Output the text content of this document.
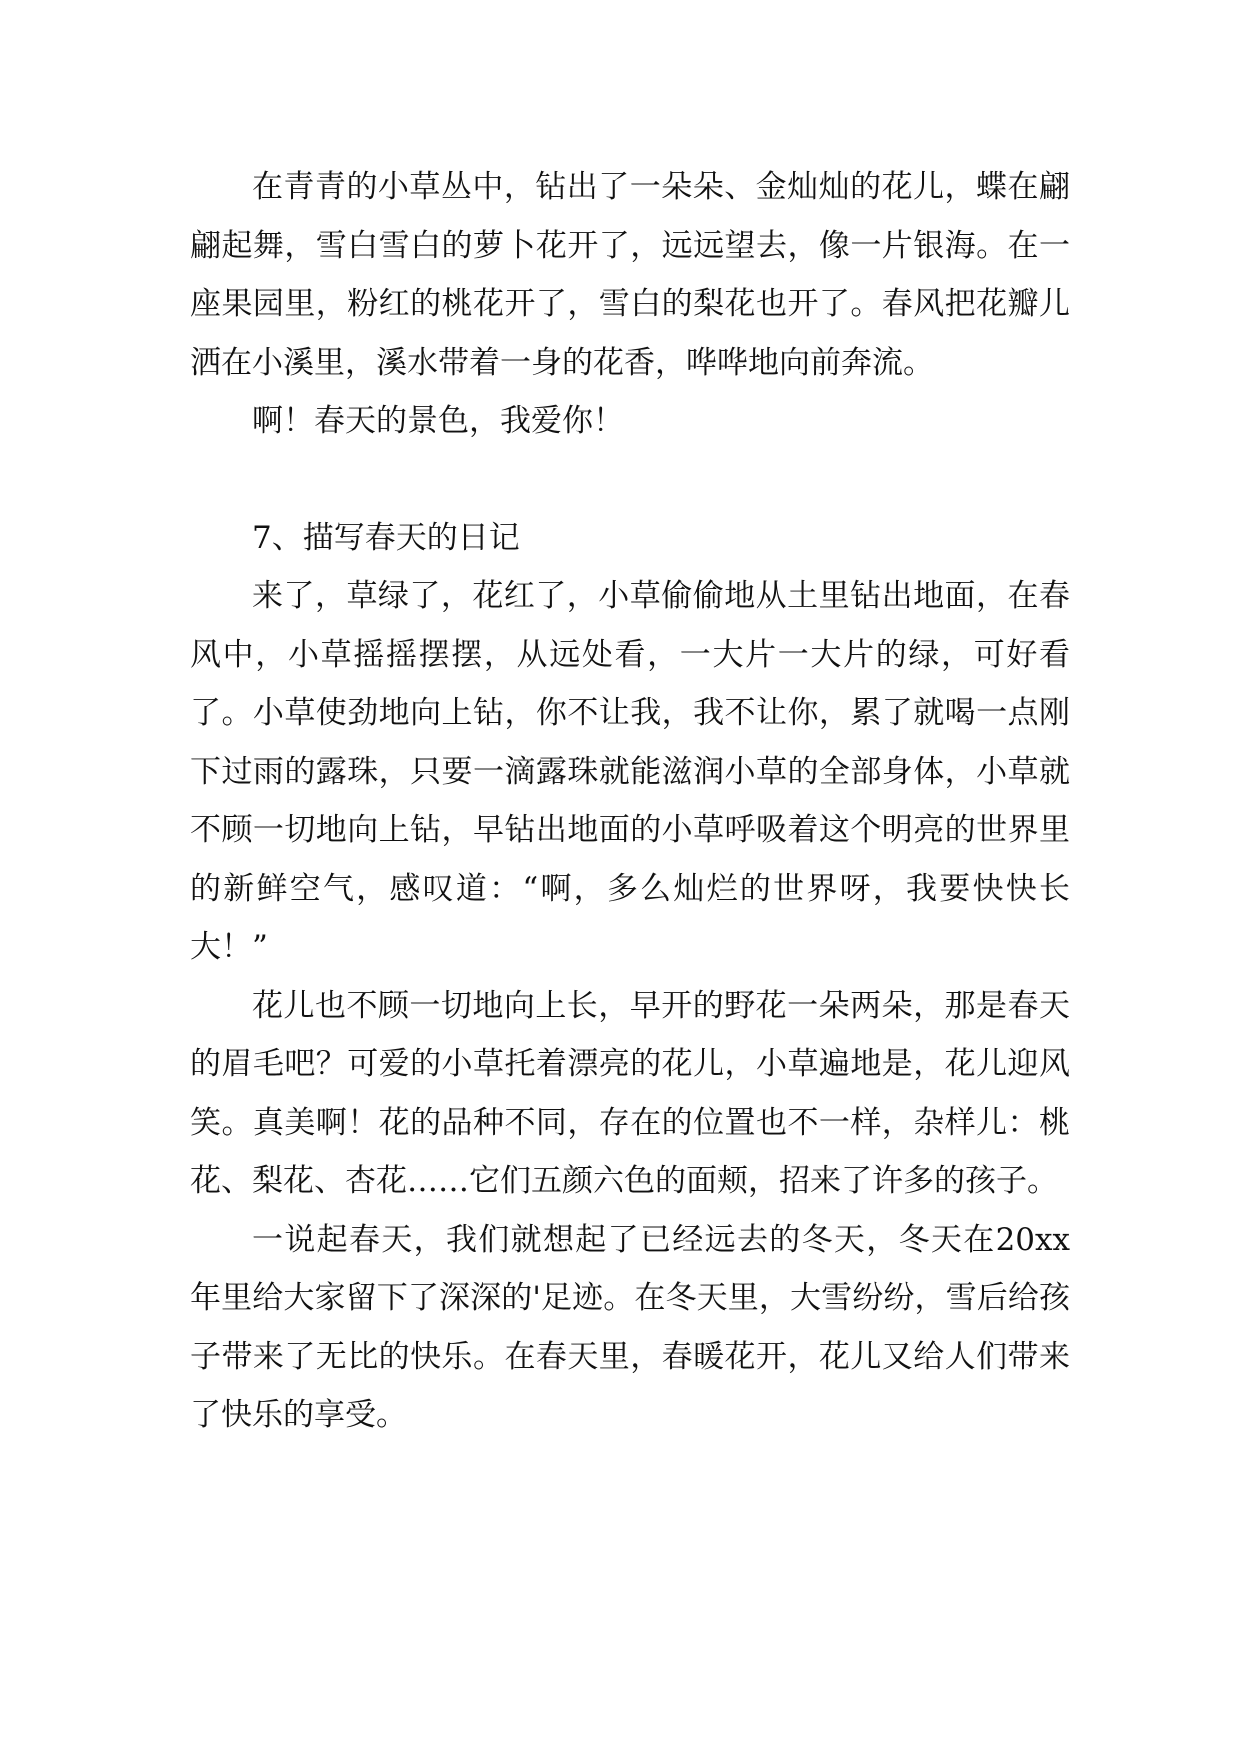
在青青的小草丛中，钻出了一朵朵、金灿灿的花儿，蝶在翩翩起舞，雪白雪白的萝卜花开了，远远望去，像一片银海。在一座果园里，粉红的桃花开了，雪白的梨花也开了。春风把花瓣儿洒在小溪里，溪水带着一身的花香，哗哗地向前奔流。

啊！春天的景色，我爱你！

7、描写春天的日记

来了，草绿了，花红了，小草偷偷地从土里钻出地面，在春风中，小草摇摇摆摆，从远处看，一大片一大片的绿，可好看了。小草使劲地向上钻，你不让我，我不让你，累了就喝一点刚下过雨的露珠，只要一滴露珠就能滋润小草的全部身体，小草就不顾一切地向上钻，早钻出地面的小草呼吸着这个明亮的世界里的新鲜空气，感叹道：“啊，多么灿烂的世界呀，我要快快长大！”

花儿也不顾一切地向上长，早开的野花一朵两朵，那是春天的眉毛吧？可爱的小草托着漂亮的花儿，小草遍地是，花儿迎风笑。真美啊！花的品种不同，存在的位置也不一样，杂样儿：桃花、梨花、杏花……它们五颜六色的面颊，招来了许多的孩子。

一说起春天，我们就想起了已经远去的冬天，冬天在20xx年里给大家留下了深深的'足迹。在冬天里，大雪纷纷，雪后给孩子带来了无比的快乐。在春天里，春暖花开，花儿又给人们带来了快乐的享受。
